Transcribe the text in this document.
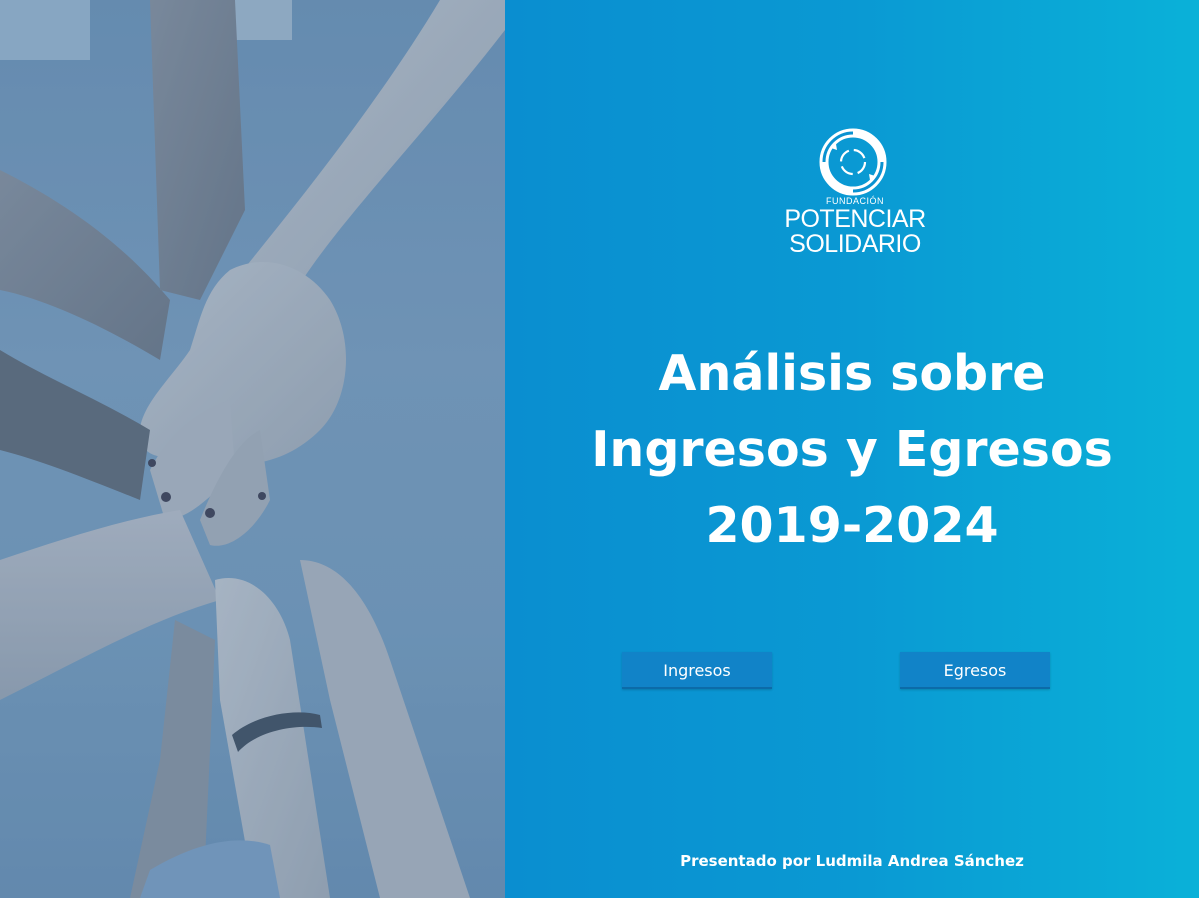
FUNDACIÓN
POTENCIAR
SOLIDARIO
Análisis sobre
Ingresos y Egresos
2019-2024
Ingresos	Egresos
Presentado por Ludmila Andrea Sánchez
